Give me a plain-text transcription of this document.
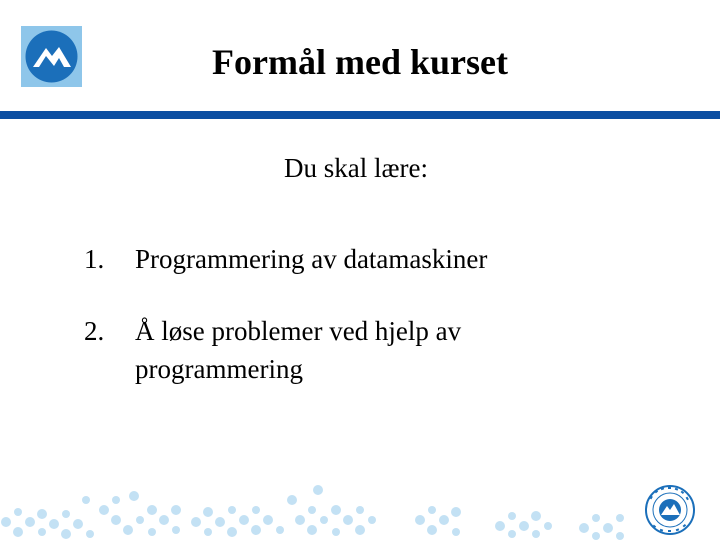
Formål med kurset
Du skal lære:
1. Programmering av datamaskiner
2. Å løse problemer ved hjelp av programmering
